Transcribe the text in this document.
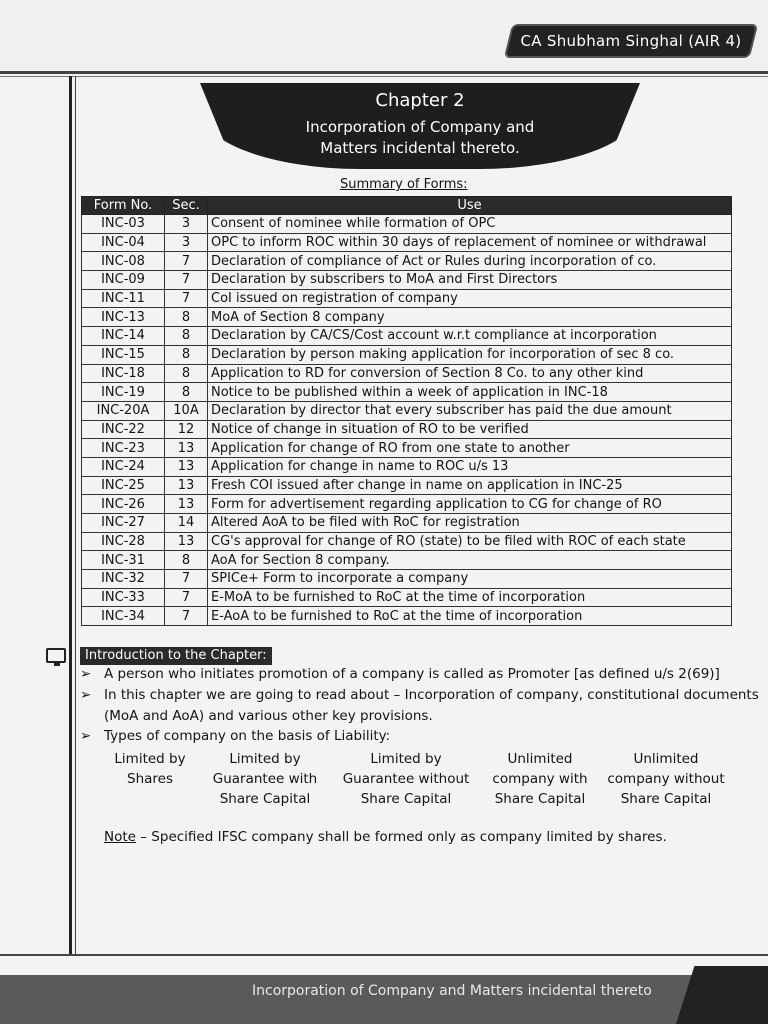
CA Shubham Singhal (AIR 4)
Chapter 2
Incorporation of Company and
Matters incidental thereto.
Summary of Forms:
Form No.	Sec.	Use
INC-03	3	Consent of nominee while formation of OPC
INC-04	3	OPC to inform ROC within 30 days of replacement of nominee or withdrawal
INC-08	7	Declaration of compliance of Act or Rules during incorporation of co.
INC-09	7	Declaration by subscribers to MoA and First Directors
INC-11	7	CoI issued on registration of company
INC-13	8	MoA of Section 8 company
INC-14	8	Declaration by CA/CS/Cost account w.r.t compliance at incorporation
INC-15	8	Declaration by person making application for incorporation of sec 8 co.
INC-18	8	Application to RD for conversion of Section 8 Co. to any other kind
INC-19	8	Notice to be published within a week of application in INC-18
INC-20A	10A	Declaration by director that every subscriber has paid the due amount
INC-22	12	Notice of change in situation of RO to be verified
INC-23	13	Application for change of RO from one state to another
INC-24	13	Application for change in name to ROC u/s 13
INC-25	13	Fresh COI issued after change in name on application in INC-25
INC-26	13	Form for advertisement regarding application to CG for change of RO
INC-27	14	Altered AoA to be filed with RoC for registration
INC-28	13	CG's approval for change of RO (state) to be filed with ROC of each state
INC-31	8	AoA for Section 8 company.
INC-32	7	SPICe+ Form to incorporate a company
INC-33	7	E-MoA to be furnished to RoC at the time of incorporation
INC-34	7	E-AoA to be furnished to RoC at the time of incorporation
Introduction to the Chapter:
➢ A person who initiates promotion of a company is called as Promoter [as defined u/s 2(69)]
➢ In this chapter we are going to read about – Incorporation of company, constitutional documents
(MoA and AoA) and various other key provisions.
➢ Types of company on the basis of Liability:
Limited by
Shares
Limited by
Guarantee with
Share Capital
Limited by
Guarantee without
Share Capital
Unlimited
company with
Share Capital
Unlimited
company without
Share Capital
Note – Specified IFSC company shall be formed only as company limited by shares.
Incorporation of Company and Matters incidental thereto
